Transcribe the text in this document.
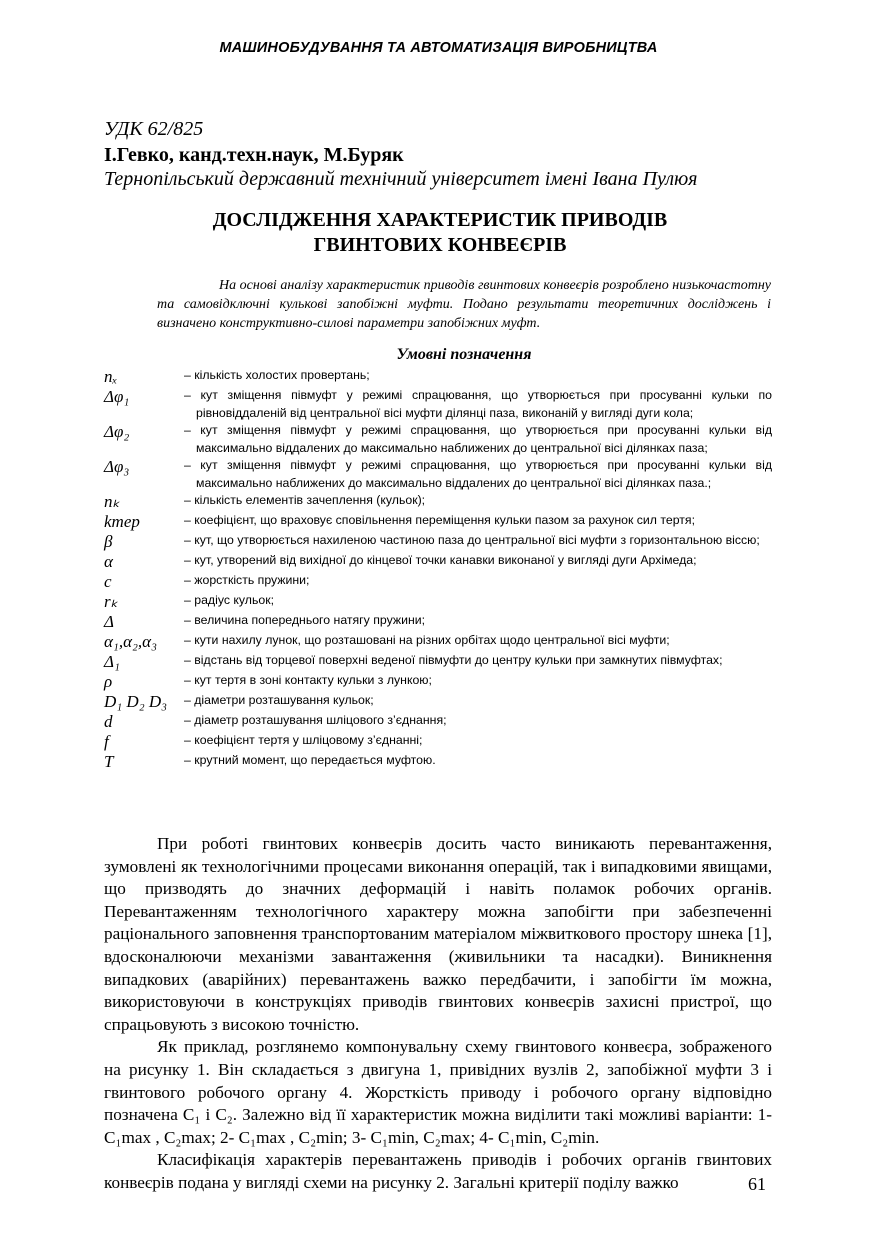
МАШИНОБУДУВАННЯ ТА АВТОМАТИЗАЦІЯ ВИРОБНИЦТВА
УДК 62/825
І.Гевко, канд.техн.наук, М.Буряк
Тернопільський державний технічний університет імені Івана Пулюя
ДОСЛІДЖЕННЯ ХАРАКТЕРИСТИК ПРИВОДІВ
ГВИНТОВИХ КОНВЕЄРІВ
На основі аналізу характеристик приводів гвинтових конвеєрів розроблено низькочастотну та самовідключні кулькові запобіжні муфти. Подано результати теоретичних досліджень і визначено конструктивно-силові параметри запобіжних муфт.
Умовні позначення
nₓ	– кількість холостих провертань;
Δφ₁	– кут зміщення півмуфт у режимі спрацювання, що утворюється при просуванні кульки по рівновіддаленій від центральної вісі муфти ділянці паза, виконаній у вигляді дуги кола;
Δφ₂	– кут зміщення півмуфт у режимі спрацювання, що утворюється при просуванні кульки від максимально віддалених до максимально наближених до центральної вісі ділянках паза;
Δφ₃	– кут зміщення півмуфт у режимі спрацювання, що утворюється при просуванні кульки від максимально наближених до максимально віддалених до центральної вісі ділянках паза.;
nₖ	– кількість елементів зачеплення (кульок);
kтер	– коефіцієнт, що враховує сповільнення переміщення кульки пазом за рахунок сил тертя;
β	– кут, що утворюється нахиленою частиною паза до центральної вісі муфти з горизонтальною віссю;
α	– кут, утворений від вихідної до кінцевої точки канавки виконаної у вигляді дуги Архімеда;
c	– жорсткість пружини;
rₖ	– радіус кульок;
Δ	– величина попереднього натягу пружини;
α₁,α₂,α₃	– кути нахилу лунок, що розташовані на різних орбітах щодо центральної вісі муфти;
Δ₁	– відстань від торцевої поверхні веденої півмуфти до центру кульки при замкнутих півмуфтах;
ρ	– кут тертя в зоні контакту кульки з лункою;
D₁ D₂ D₃	– діаметри розташування кульок;
d	– діаметр розташування шліцового з’єднання;
f	– коефіцієнт тертя у шліцовому з’єднанні;
T	– крутний момент, що передається муфтою.

При роботі гвинтових конвеєрів досить часто виникають перевантаження, зумовлені як технологічними процесами виконання операцій, так і випадковими явищами, що призводять до значних деформацій і навіть поламок робочих органів. Перевантаженням технологічного характеру можна запобігти при забезпеченні раціонального заповнення транспортованим матеріалом міжвиткового простору шнека [1], вдосконалюючи механізми завантаження (живильники та насадки). Виникнення випадкових (аварійних) перевантажень важко передбачити, і запобігти їм можна, використовуючи в конструкціях приводів гвинтових конвеєрів захисні пристрої, що спрацьовують з високою точністю.

Як приклад, розглянемо компонувальну схему гвинтового конвеєра, зображеного на рисунку 1. Він складається з двигуна 1, привідних вузлів 2, запобіжної муфти 3 і гвинтового робочого органу 4. Жорсткість приводу і робочого органу відповідно позначена C₁ і C₂. Залежно від її характеристик можна виділити такі можливі варіанти: 1- C₁max , C₂max; 2- C₁max , C₂min; 3- C₁min, C₂max; 4- C₁min, C₂min.

Класифікація характерів перевантажень приводів і робочих органів гвинтових конвеєрів подана у вигляді схеми на рисунку 2. Загальні критерії поділу важко	61
